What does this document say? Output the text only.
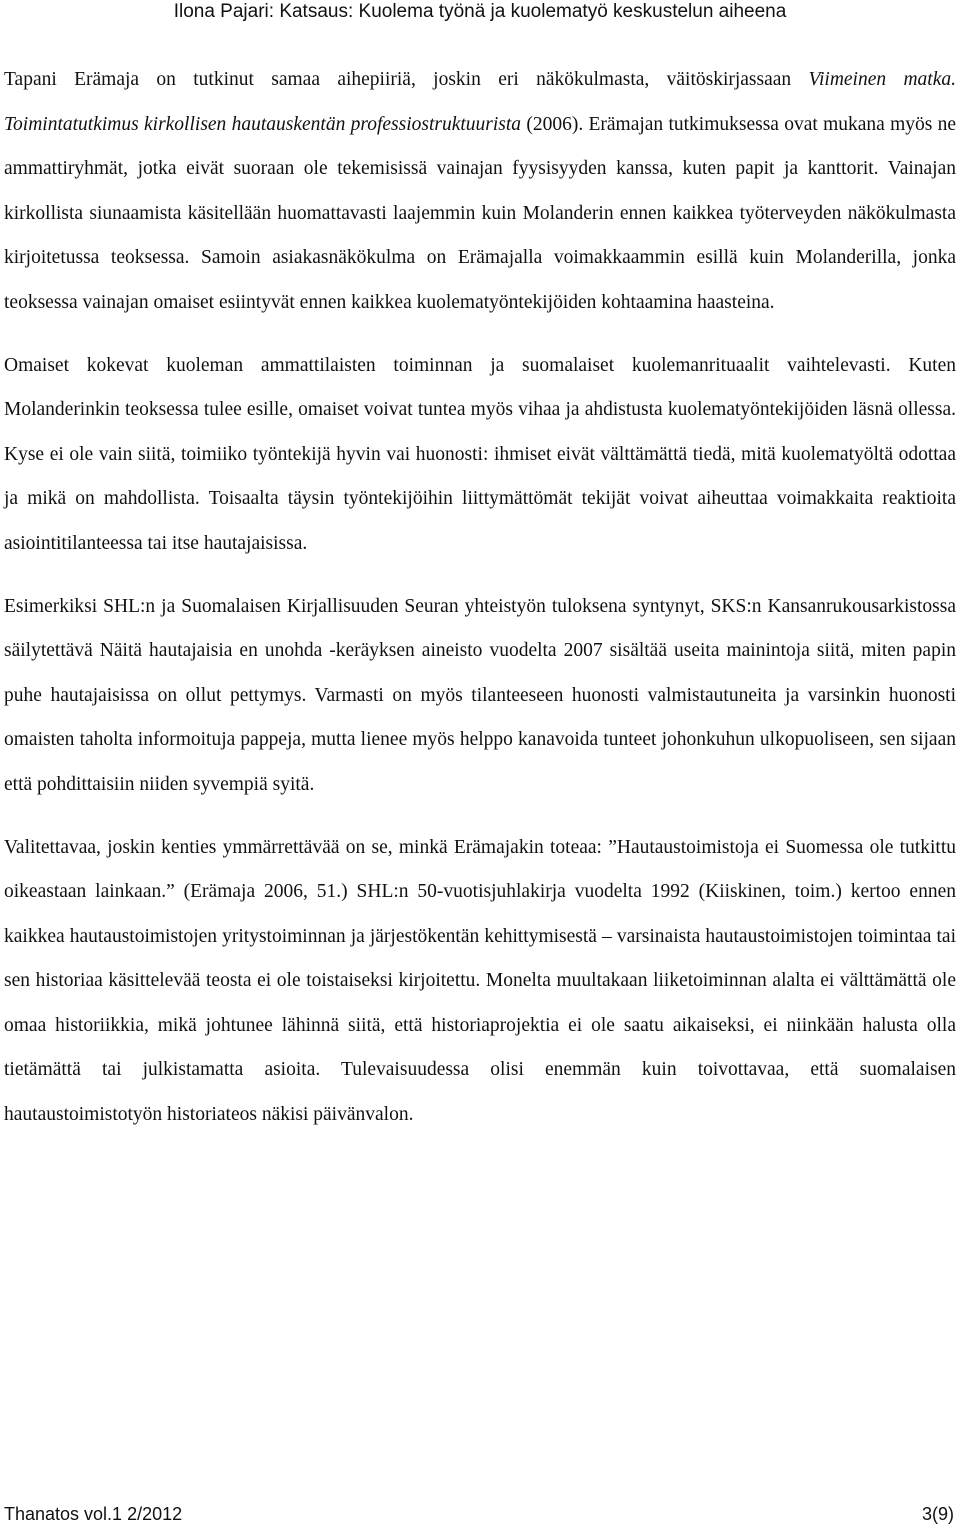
Ilona Pajari: Katsaus: Kuolema työnä ja kuolematyö keskustelun aiheena

Tapani Erämaja on tutkinut samaa aihepiiriä, joskin eri näkökulmasta, väitöskirjassaan Viimeinen matka. Toimintatutkimus kirkollisen hautauskentän professiostruktuurista (2006). Erämajan tutkimuksessa ovat mukana myös ne ammattiryhmät, jotka eivät suoraan ole tekemisissä vainajan fyysisyyden kanssa, kuten papit ja kanttorit. Vainajan kirkollista siunaamista käsitellään huomattavasti laajemmin kuin Molanderin ennen kaikkea työterveyden näkökulmasta kirjoitetussa teoksessa. Samoin asiakasnäkökulma on Erämajalla voimakkaammin esillä kuin Molanderilla, jonka teoksessa vainajan omaiset esiintyvät ennen kaikkea kuolematyöntekijöiden kohtaamina haasteina.

Omaiset kokevat kuoleman ammattilaisten toiminnan ja suomalaiset kuolemanrituaalit vaihtelevasti. Kuten Molanderinkin teoksessa tulee esille, omaiset voivat tuntea myös vihaa ja ahdistusta kuolematyöntekijöiden läsnä ollessa. Kyse ei ole vain siitä, toimiiko työntekijä hyvin vai huonosti: ihmiset eivät välttämättä tiedä, mitä kuolematyöltä odottaa ja mikä on mahdollista. Toisaalta täysin työntekijöihin liittymättömät tekijät voivat aiheuttaa voimakkaita reaktioita asiointitilanteessa tai itse hautajaisissa.

Esimerkiksi SHL:n ja Suomalaisen Kirjallisuuden Seuran yhteistyön tuloksena syntynyt, SKS:n Kansanrukousarkistossa säilytettävä Näitä hautajaisia en unohda -keräyksen aineisto vuodelta 2007 sisältää useita mainintoja siitä, miten papin puhe hautajaisissa on ollut pettymys. Varmasti on myös tilanteeseen huonosti valmistautuneita ja varsinkin huonosti omaisten taholta informoituja pappeja, mutta lienee myös helppo kanavoida tunteet johonkuhun ulkopuoliseen, sen sijaan että pohdittaisiin niiden syvempiä syitä.

Valitettavaa, joskin kenties ymmärrettävää on se, minkä Erämajakin toteaa: ”Hautaustoimistoja ei Suomessa ole tutkittu oikeastaan lainkaan.” (Erämaja 2006, 51.) SHL:n 50-vuotisjuhlakirja vuodelta 1992 (Kiiskinen, toim.) kertoo ennen kaikkea hautaustoimistojen yritystoiminnan ja järjestökentän kehittymisestä – varsinaista hautaustoimistojen toimintaa tai sen historiaa käsittelevää teosta ei ole toistaiseksi kirjoitettu. Monelta muultakaan liiketoiminnan alalta ei välttämättä ole omaa historiikkia, mikä johtunee lähinnä siitä, että historiaprojektia ei ole saatu aikaiseksi, ei niinkään halusta olla tietämättä tai julkistamatta asioita. Tulevaisuudessa olisi enemmän kuin toivottavaa, että suomalaisen hautaustoimistotyön historiateos näkisi päivänvalon.

Thanatos vol.1 2/2012	3(9)
